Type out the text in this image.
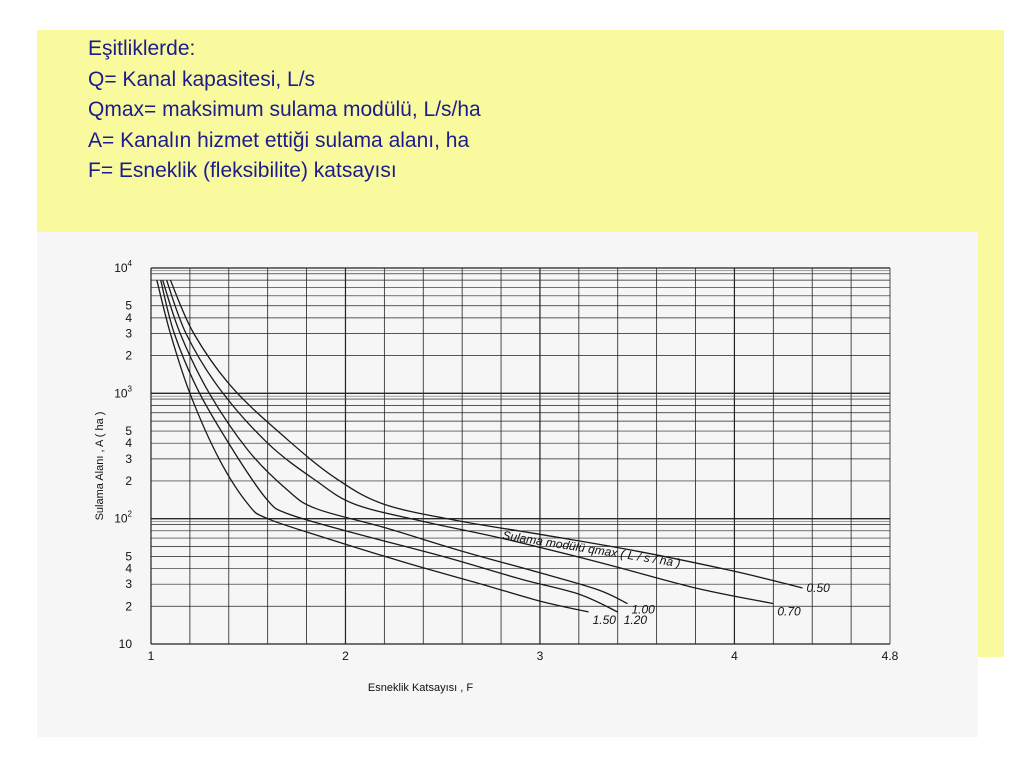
Eşitliklerde:
Q= Kanal kapasitesi, L/s
Qmax= maksimum sulama modülü, L/s/ha
A= Kanalın hizmet ettiği sulama alanı, ha
F= Esneklik (fleksibilite) katsayısı
$10^4$
5
4
3
2
$10^3$
5
4
3
2
$10^2$
5
4
3
2
10
1	2	3	4	4.8
1.50 1.20
1.00	0.70
0.50
Esneklik Katsayısı , F
Sulama Alanı , A ( ha )
Sulama modülü qmax ( L / s / ha )
